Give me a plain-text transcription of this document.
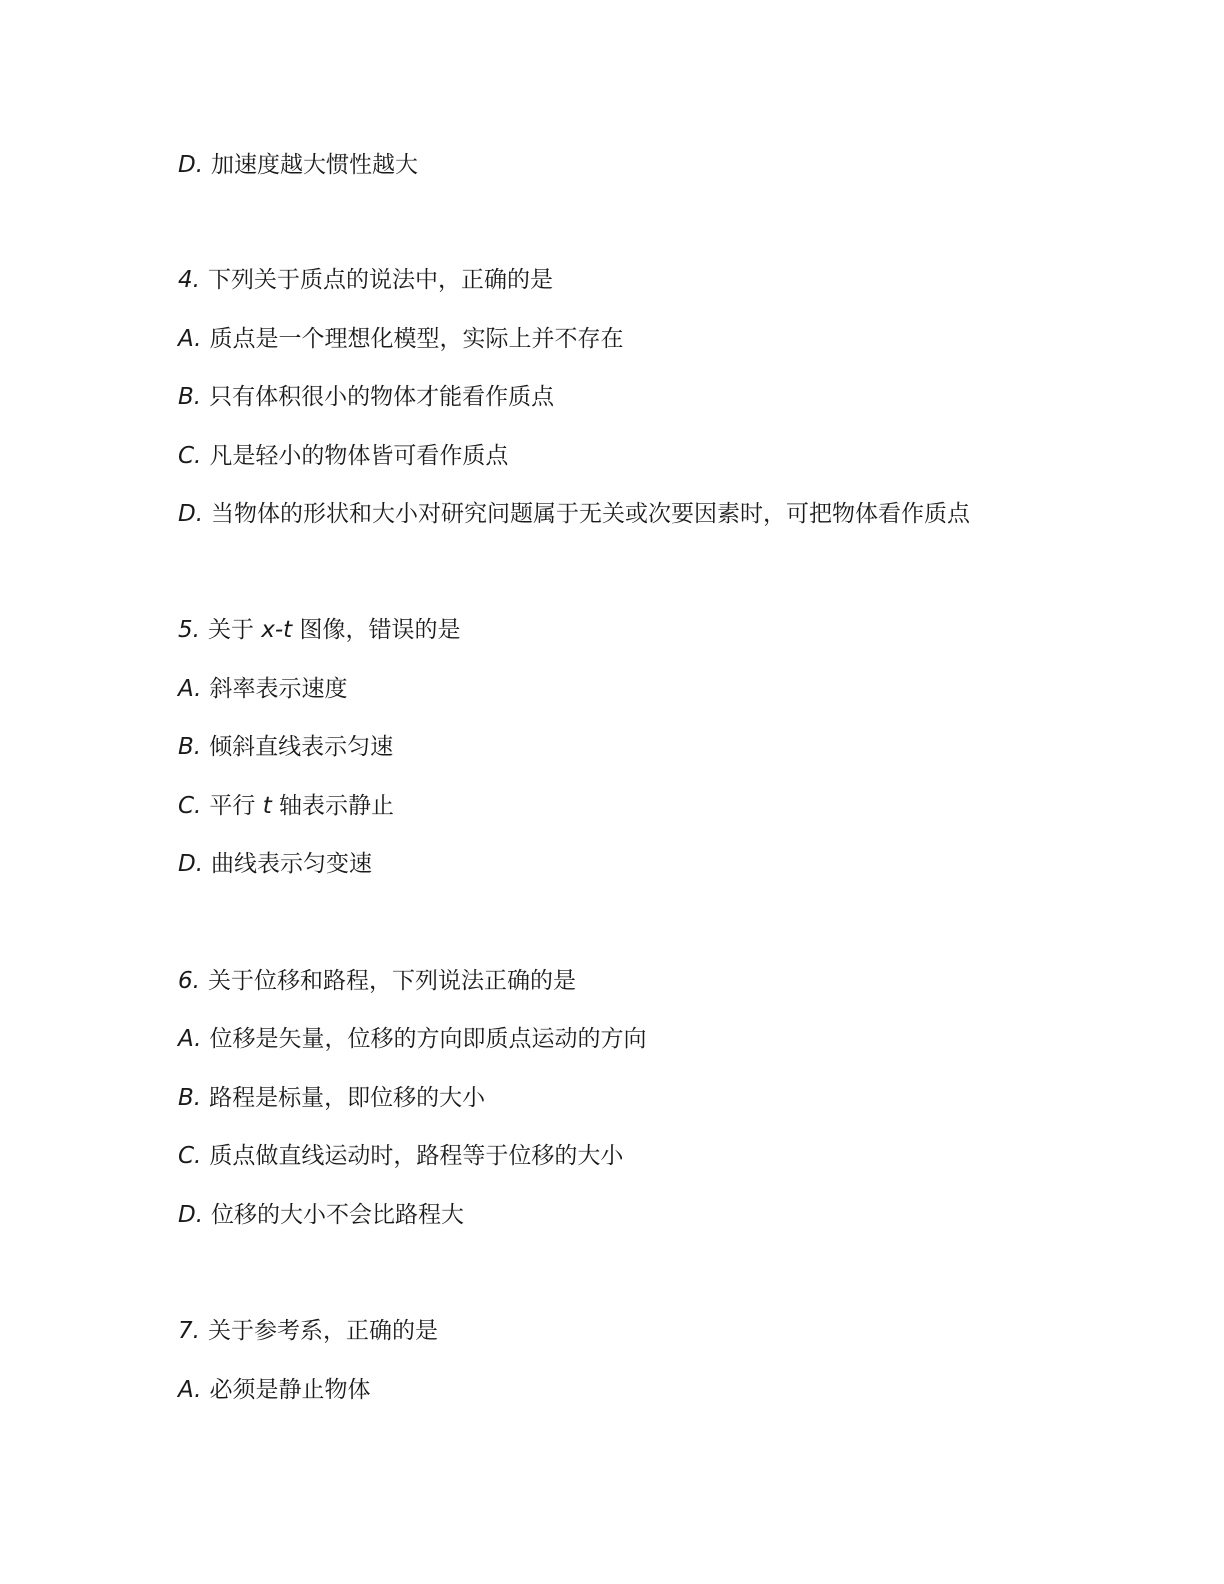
D. 加速度越大惯性越大
4. 下列关于质点的说法中，正确的是
A. 质点是一个理想化模型，实际上并不存在
B. 只有体积很小的物体才能看作质点
C. 凡是轻小的物体皆可看作质点
D. 当物体的形状和大小对研究问题属于无关或次要因素时，可把物体看作质点
5. 关于 x-t 图像，错误的是
A. 斜率表示速度
B. 倾斜直线表示匀速
C. 平行 t 轴表示静止
D. 曲线表示匀变速
6. 关于位移和路程，下列说法正确的是
A. 位移是矢量，位移的方向即质点运动的方向
B. 路程是标量，即位移的大小
C. 质点做直线运动时，路程等于位移的大小
D. 位移的大小不会比路程大
7. 关于参考系，正确的是
A. 必须是静止物体
